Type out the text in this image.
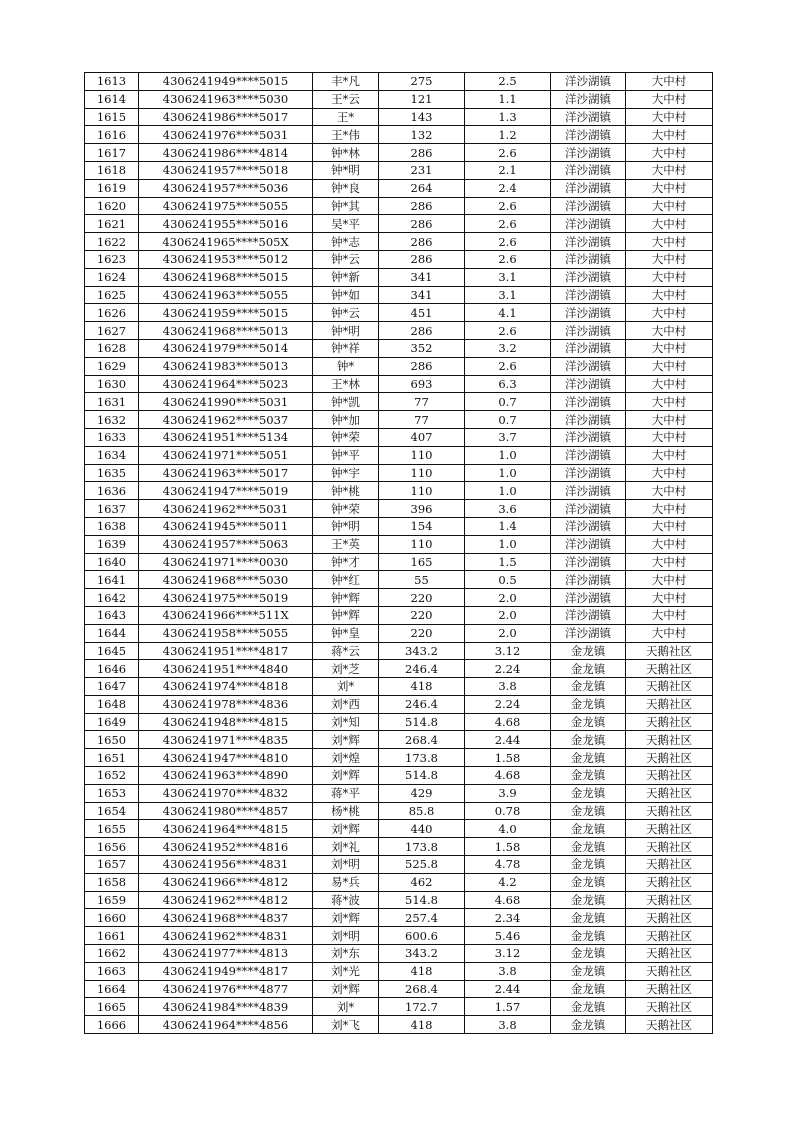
1613	4306241949****5015	丰*凡	275	2.5	洋沙湖镇	大中村
1614	4306241963****5030	王*云	121	1.1	洋沙湖镇	大中村
1615	4306241986****5017	王*	143	1.3	洋沙湖镇	大中村
1616	4306241976****5031	王*伟	132	1.2	洋沙湖镇	大中村
1617	4306241986****4814	钟*林	286	2.6	洋沙湖镇	大中村
1618	4306241957****5018	钟*明	231	2.1	洋沙湖镇	大中村
1619	4306241957****5036	钟*良	264	2.4	洋沙湖镇	大中村
1620	4306241975****5055	钟*其	286	2.6	洋沙湖镇	大中村
1621	4306241955****5016	吴*平	286	2.6	洋沙湖镇	大中村
1622	4306241965****505X	钟*志	286	2.6	洋沙湖镇	大中村
1623	4306241953****5012	钟*云	286	2.6	洋沙湖镇	大中村
1624	4306241968****5015	钟*新	341	3.1	洋沙湖镇	大中村
1625	4306241963****5055	钟*如	341	3.1	洋沙湖镇	大中村
1626	4306241959****5015	钟*云	451	4.1	洋沙湖镇	大中村
1627	4306241968****5013	钟*明	286	2.6	洋沙湖镇	大中村
1628	4306241979****5014	钟*祥	352	3.2	洋沙湖镇	大中村
1629	4306241983****5013	钟*	286	2.6	洋沙湖镇	大中村
1630	4306241964****5023	王*林	693	6.3	洋沙湖镇	大中村
1631	4306241990****5031	钟*凯	77	0.7	洋沙湖镇	大中村
1632	4306241962****5037	钟*加	77	0.7	洋沙湖镇	大中村
1633	4306241951****5134	钟*荣	407	3.7	洋沙湖镇	大中村
1634	4306241971****5051	钟*平	110	1.0	洋沙湖镇	大中村
1635	4306241963****5017	钟*宇	110	1.0	洋沙湖镇	大中村
1636	4306241947****5019	钟*桃	110	1.0	洋沙湖镇	大中村
1637	4306241962****5031	钟*荣	396	3.6	洋沙湖镇	大中村
1638	4306241945****5011	钟*明	154	1.4	洋沙湖镇	大中村
1639	4306241957****5063	王*英	110	1.0	洋沙湖镇	大中村
1640	4306241971****0030	钟*才	165	1.5	洋沙湖镇	大中村
1641	4306241968****5030	钟*红	55	0.5	洋沙湖镇	大中村
1642	4306241975****5019	钟*辉	220	2.0	洋沙湖镇	大中村
1643	4306241966****511X	钟*辉	220	2.0	洋沙湖镇	大中村
1644	4306241958****5055	钟*皇	220	2.0	洋沙湖镇	大中村
1645	4306241951****4817	蒋*云	343.2	3.12	金龙镇	天鹅社区
1646	4306241951****4840	刘*芝	246.4	2.24	金龙镇	天鹅社区
1647	4306241974****4818	刘*	418	3.8	金龙镇	天鹅社区
1648	4306241978****4836	刘*西	246.4	2.24	金龙镇	天鹅社区
1649	4306241948****4815	刘*知	514.8	4.68	金龙镇	天鹅社区
1650	4306241971****4835	刘*辉	268.4	2.44	金龙镇	天鹅社区
1651	4306241947****4810	刘*煌	173.8	1.58	金龙镇	天鹅社区
1652	4306241963****4890	刘*辉	514.8	4.68	金龙镇	天鹅社区
1653	4306241970****4832	蒋*平	429	3.9	金龙镇	天鹅社区
1654	4306241980****4857	杨*桃	85.8	0.78	金龙镇	天鹅社区
1655	4306241964****4815	刘*辉	440	4.0	金龙镇	天鹅社区
1656	4306241952****4816	刘*礼	173.8	1.58	金龙镇	天鹅社区
1657	4306241956****4831	刘*明	525.8	4.78	金龙镇	天鹅社区
1658	4306241966****4812	易*兵	462	4.2	金龙镇	天鹅社区
1659	4306241962****4812	蒋*波	514.8	4.68	金龙镇	天鹅社区
1660	4306241968****4837	刘*辉	257.4	2.34	金龙镇	天鹅社区
1661	4306241962****4831	刘*明	600.6	5.46	金龙镇	天鹅社区
1662	4306241977****4813	刘*东	343.2	3.12	金龙镇	天鹅社区
1663	4306241949****4817	刘*光	418	3.8	金龙镇	天鹅社区
1664	4306241976****4877	刘*辉	268.4	2.44	金龙镇	天鹅社区
1665	4306241984****4839	刘*	172.7	1.57	金龙镇	天鹅社区
1666	4306241964****4856	刘*飞	418	3.8	金龙镇	天鹅社区
